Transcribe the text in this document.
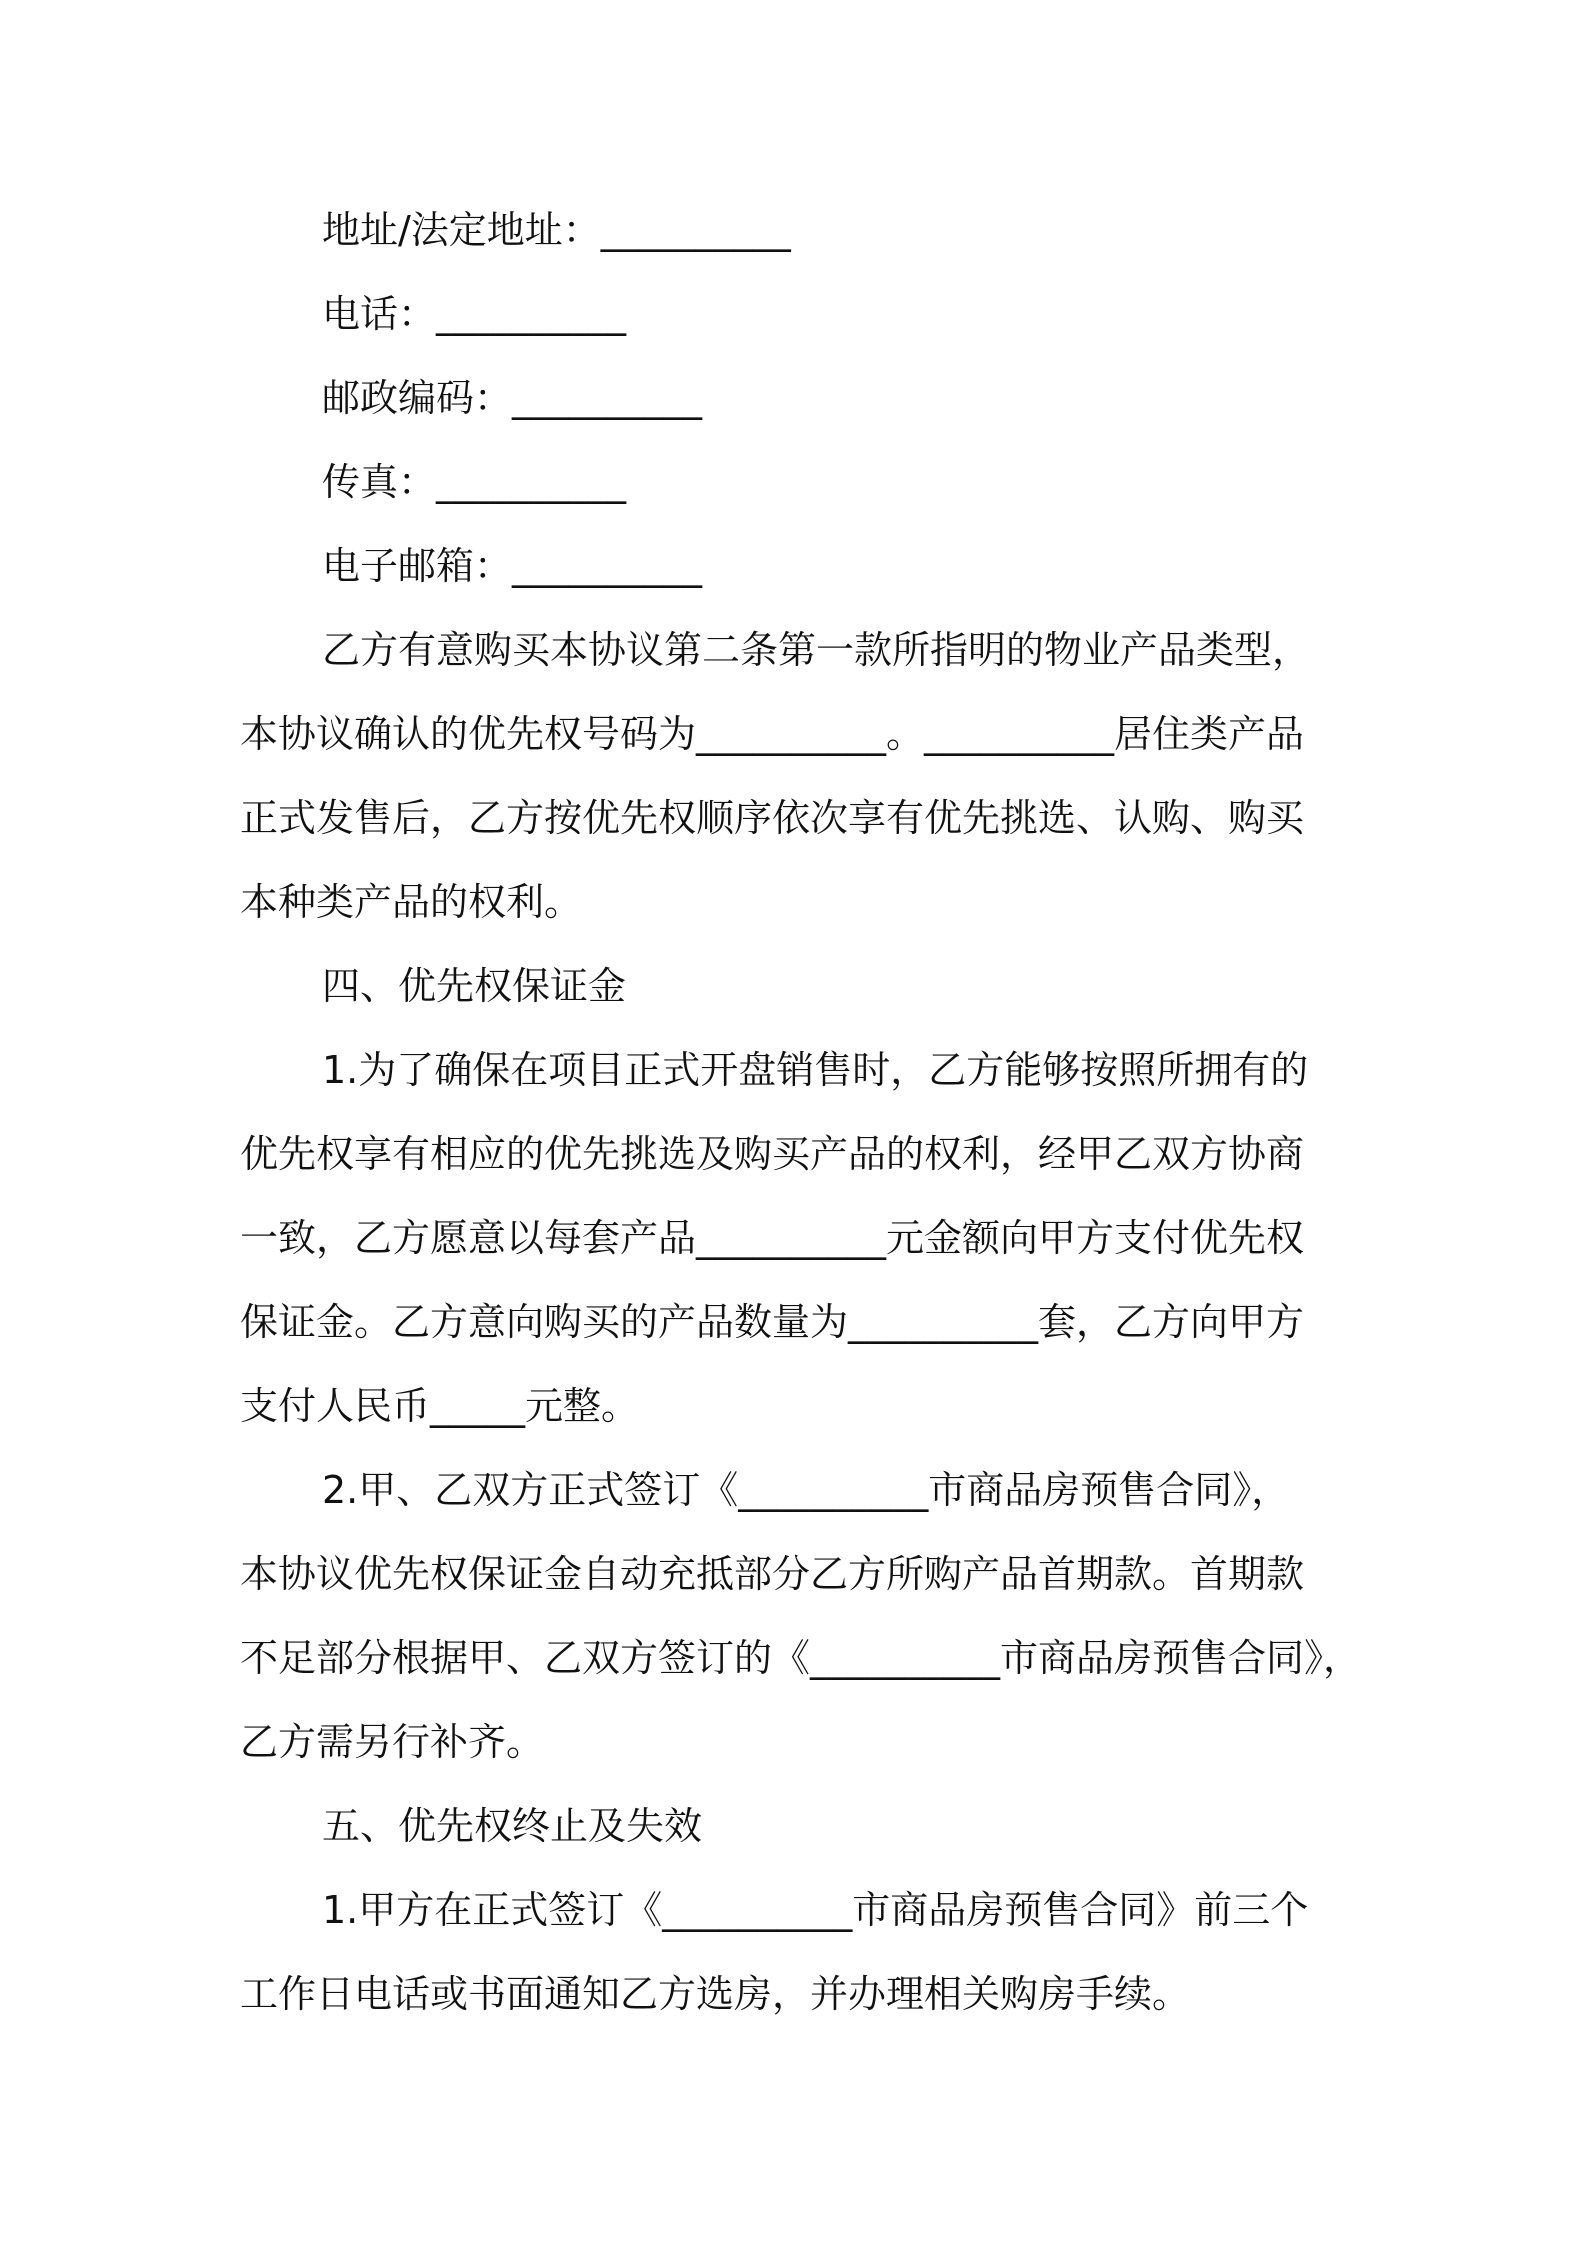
地址/法定地址：__________
电话：__________
邮政编码：__________
传真：__________
电子邮箱：__________
乙方有意购买本协议第二条第一款所指明的物业产品类型，
本协议确认的优先权号码为__________。__________居住类产品
正式发售后，乙方按优先权顺序依次享有优先挑选、认购、购买
本种类产品的权利。
四、优先权保证金
1.为了确保在项目正式开盘销售时，乙方能够按照所拥有的
优先权享有相应的优先挑选及购买产品的权利，经甲乙双方协商
一致，乙方愿意以每套产品__________元金额向甲方支付优先权
保证金。乙方意向购买的产品数量为__________套，乙方向甲方
支付人民币_____元整。
2.甲、乙双方正式签订《__________市商品房预售合同》，
本协议优先权保证金自动充抵部分乙方所购产品首期款。首期款
不足部分根据甲、乙双方签订的《__________市商品房预售合同》，
乙方需另行补齐。
五、优先权终止及失效
1.甲方在正式签订《__________市商品房预售合同》前三个
工作日电话或书面通知乙方选房，并办理相关购房手续。
